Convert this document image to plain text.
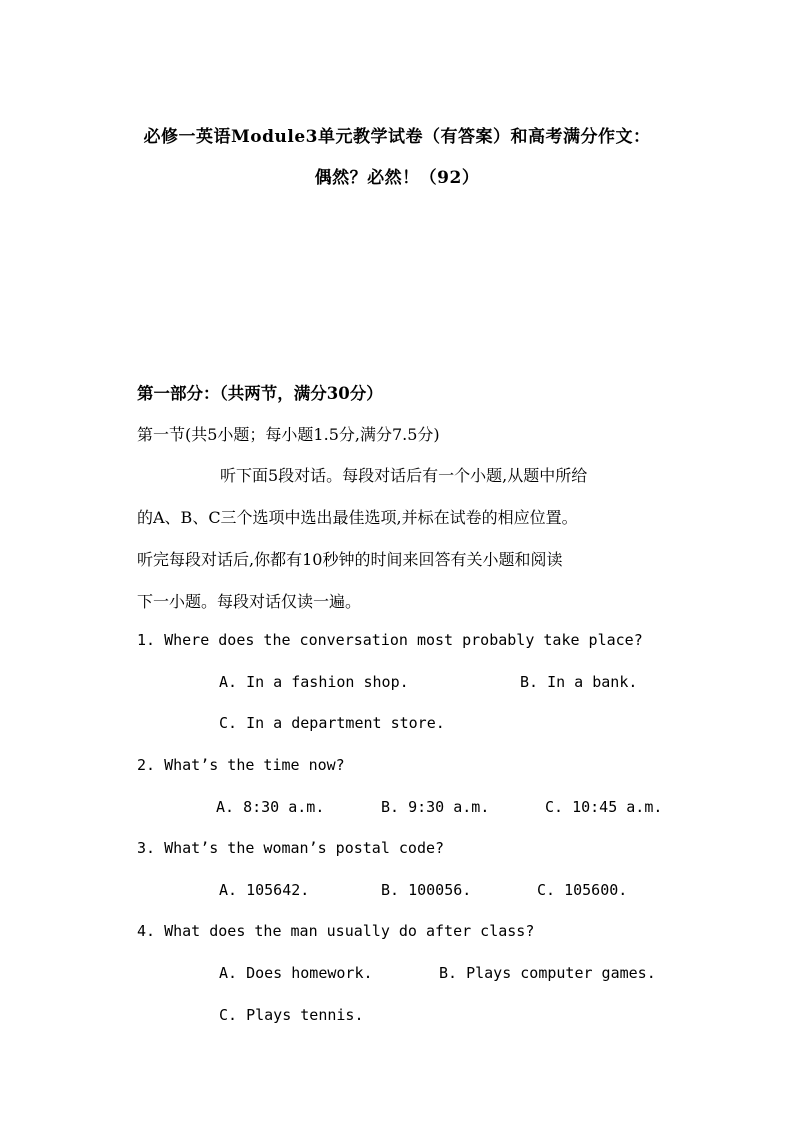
必修一英语Module3单元教学试卷（有答案）和高考满分作文：
偶然？必然！（92）
第一部分：（共两节，满分30分）
第一节(共5小题；每小题1.5分,满分7.5分)
听下面5段对话。每段对话后有一个小题,从题中所给
的A、B、C三个选项中选出最佳选项,并标在试卷的相应位置。
听完每段对话后,你都有10秒钟的时间来回答有关小题和阅读
下一小题。每段对话仅读一遍。
1. Where does the conversation most probably take place?
A. In a fashion shop.	B. In a bank.
C. In a department store.
2. What’s the time now?
A. 8:30 a.m.	B. 9:30 a.m.	C. 10:45 a.m.
3. What’s the woman’s postal code?
A. 105642.	B. 100056.	C. 105600.
4. What does the man usually do after class?
A. Does homework.	B. Plays computer games.
C. Plays tennis.
